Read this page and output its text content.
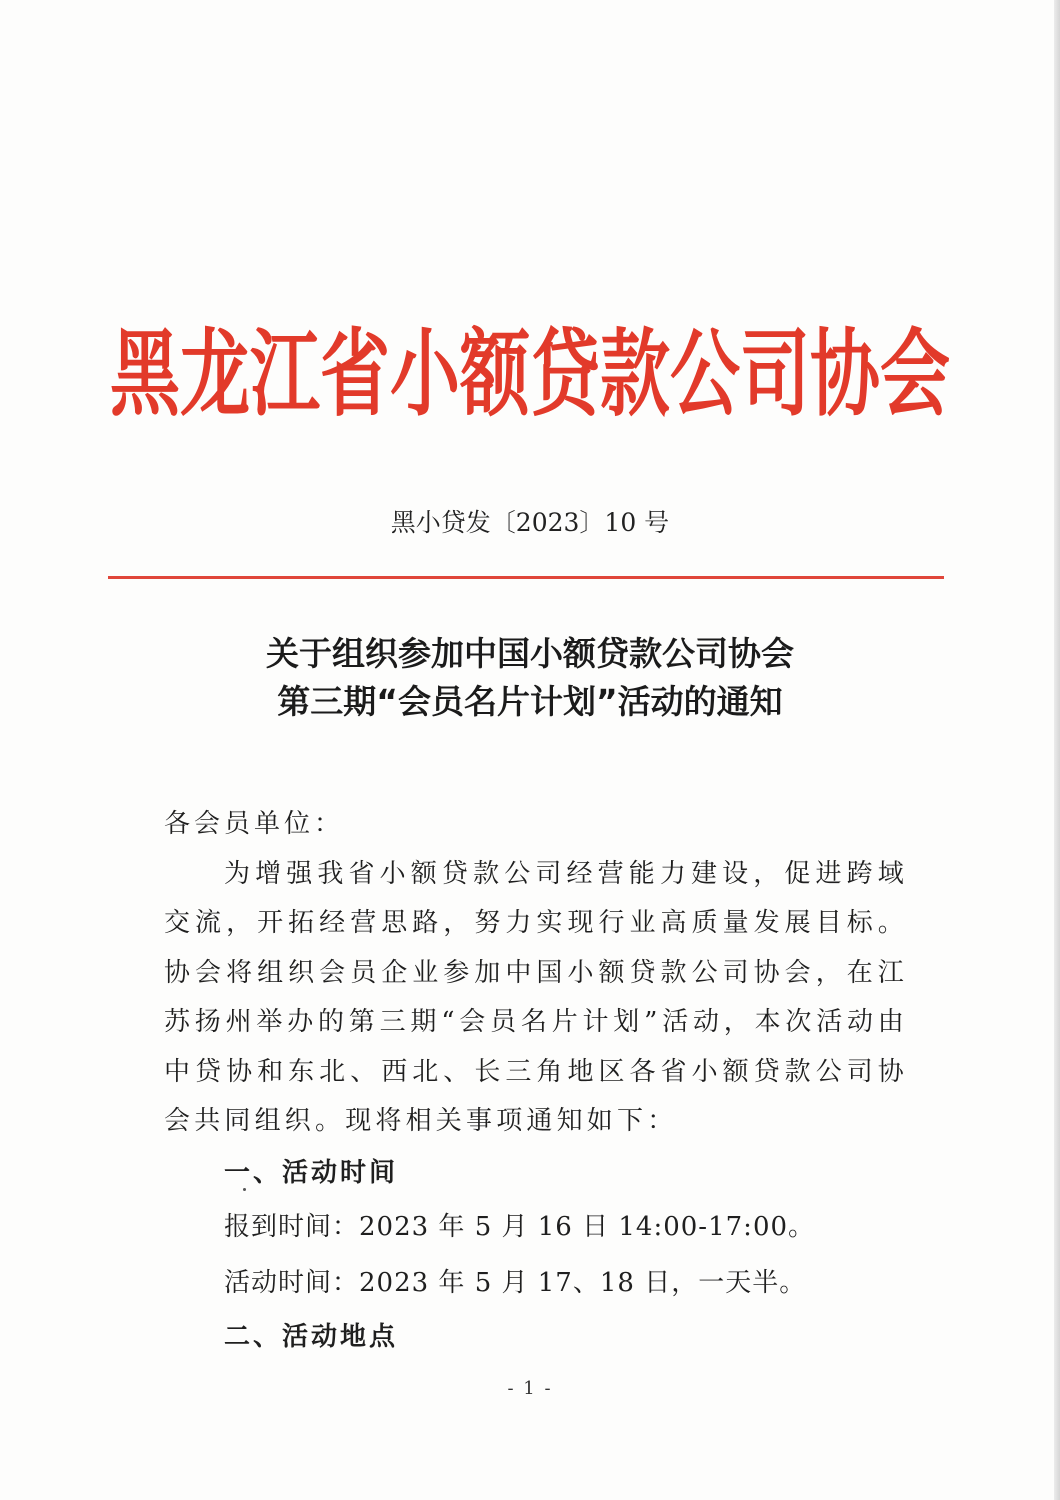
黑龙江省小额贷款公司协会
黑小贷发〔2023〕10 号
关于组织参加中国小额贷款公司协会
第三期“会员名片计划”活动的通知

各会员单位：

为增强我省小额贷款公司经营能力建设，促进跨域交流，开拓经营思路，努力实现行业高质量发展目标。协会将组织会员企业参加中国小额贷款公司协会，在江苏扬州举办的第三期“会员名片计划”活动，本次活动由中贷协和东北、西北、长三角地区各省小额贷款公司协会共同组织。现将相关事项通知如下：

一、活动时间

报到时间：2023 年 5 月 16 日 14:00-17:00。

活动时间：2023 年 5 月 17、18 日，一天半。

二、活动地点

- 1 -
